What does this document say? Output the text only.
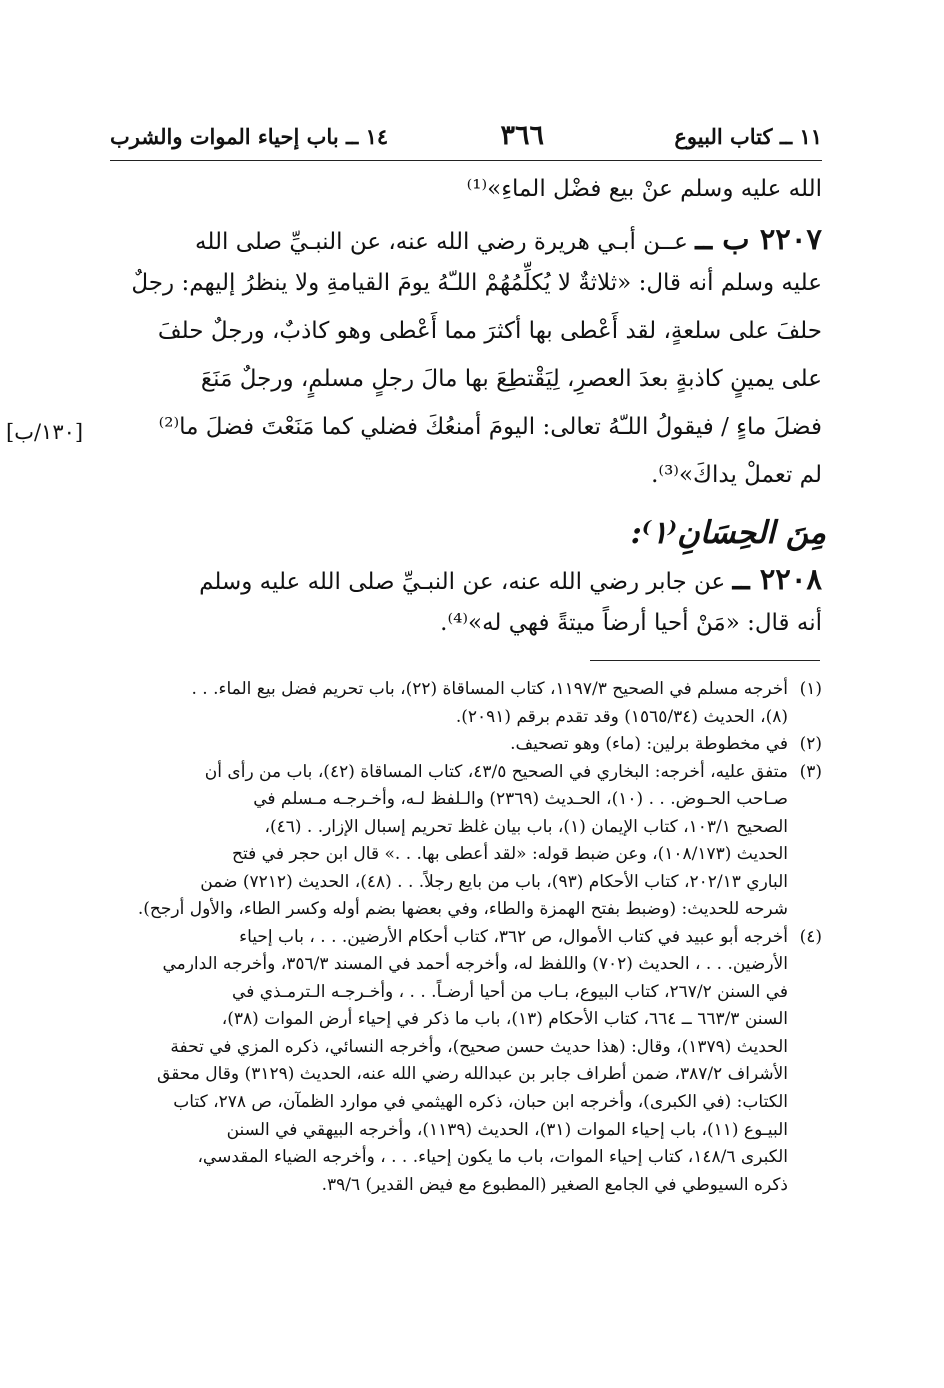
١١ ــ كتاب البيوع
٣٦٦
١٤ ــ باب إحياء الموات والشرب
الله عليه وسلم عنْ بيع فضْل الماءِ»⁽¹⁾
٢٢٠٧ ب ــ عــن أبـي هريرة رضي الله عنه، عن النبـيِّ صلى الله
عليه وسلم أنه قال: «ثلاثةٌ لا يُكلِّمُهُمْ اللـّهُ يومَ القيامةِ ولا ينظرُ إليهم: رجلٌ
حلفَ على سلعةٍ، لقد أَعْطى بها أكثرَ مما أَعْطى وهو كاذبٌ، ورجلٌ حلفَ
على يمينٍ كاذبةٍ بعدَ العصرِ، لِيَقْتطِعَ بها مالَ رجلٍ مسلمٍ، ورجلٌ مَنَعَ
فضلَ ماءٍ / فيقولُ اللـّهُ تعالى: اليومَ أمنعُكَ فضلي كما مَنَعْتَ فضلَ ما⁽²⁾
[١٣٠/ب]
لم تعملْ يداكَ»⁽³⁾.
مِنَ الحِسَانِ⁽١⁾:
٢٢٠٨ ــ عن جابر رضي الله عنه، عن النبـيِّ صلى الله عليه وسلم
أنه قال: «مَنْ أحيا أرضاً ميتةً فهي له»⁽⁴⁾.
(١)
أخرجه مسلم في الصحيح ١١٩٧/٣، كتاب المساقاة (٢٢)، باب تحريم فضل بيع الماء. . .
(٨)، الحديث (١٥٦٥/٣٤) وقد تقدم برقم (٢٠٩١).
(٢)
في مخطوطة برلين: (ماء) وهو تصحيف.
(٣)
متفق عليه، أخرجه: البخاري في الصحيح ٤٣/٥، كتاب المساقاة (٤٢)، باب من رأى أن
صـاحب الحـوض. . . (١٠)، الحـديث (٢٣٦٩) والـلفظ لـه، وأخـرجـه مـسلم في
الصحيح ١٠٣/١، كتاب الإيمان (١)، باب بيان غلظ تحريم إسبال الإزار. . (٤٦)،
الحديث (١٠٨/١٧٣)، وعن ضبط قوله: «لقد أعطى بها. . .» قال ابن حجر في فتح
الباري ٢٠٢/١٣، كتاب الأحكام (٩٣)، باب من بايع رجلاً. . . (٤٨)، الحديث (٧٢١٢) ضمن
شرحه للحديث: (وضبط بفتح الهمزة والطاء، وفي بعضها بضم أوله وكسر الطاء، والأول أرجح).
(٤)
أخرجه أبو عبيد في كتاب الأموال، ص ٣٦٢، كتاب أحكام الأرضين. . . ، باب إحياء
الأرضين. . . ، الحديث (٧٠٢) واللفظ له، وأخرجه أحمد في المسند ٣٥٦/٣، وأخرجه الدارمي
في السنن ٢٦٧/٢، كتاب البيوع، بـاب من أحيا أرضـاً. . . ، وأخـرجـه الـترمـذي في
السنن ٦٦٣/٣ ــ ٦٦٤، كتاب الأحكام (١٣)، باب ما ذكر في إحياء أرض الموات (٣٨)،
الحديث (١٣٧٩)، وقال: (هذا حديث حسن صحيح)، وأخرجه النسائي، ذكره المزي في تحفة
الأشراف ٣٨٧/٢، ضمن أطراف جابر بن عبدالله رضي الله عنه، الحديث (٣١٢٩) وقال محقق
الكتاب: (في الكبرى)، وأخرجه ابن حبان، ذكره الهيثمي في موارد الظمآن، ص ٢٧٨، كتاب
البيـوع (١١)، باب إحياء الموات (٣١)، الحديث (١١٣٩)، وأخرجه البيهقي في السنن
الكبرى ١٤٨/٦، كتاب إحياء الموات، باب ما يكون إحياء. . . ، وأخرجه الضياء المقدسي،
ذكره السيوطي في الجامع الصغير (المطبوع مع فيض القدير) ٣٩/٦.
